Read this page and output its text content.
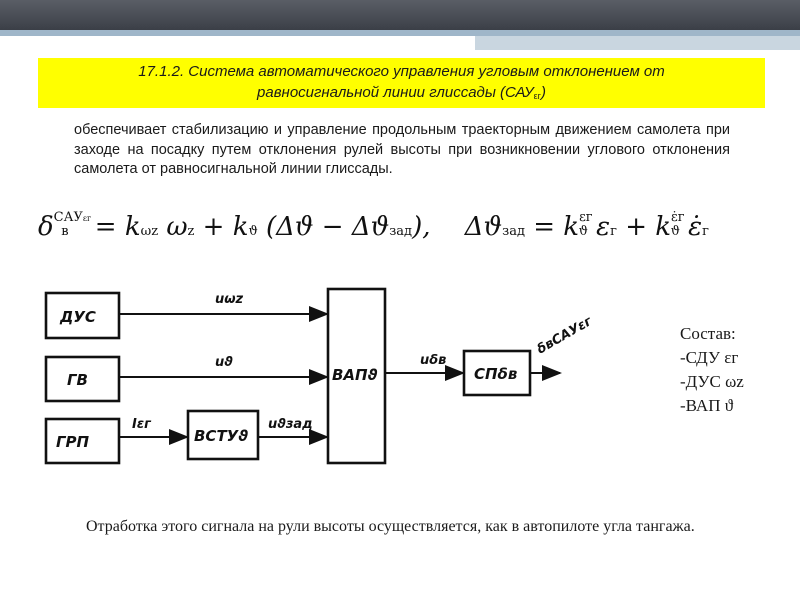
17.1.2. Система автоматического управления угловым отклонением от
равносигнальной линии глиссады $(САУ_{\varepsilon г})$
обеспечивает стабилизацию и управление продольным траекторным движением самолета при заходе на посадку путем отклонения рулей высоты при возникновении углового отклонения самолета от равносигнальной линии глиссады.
$\delta^{САУ\varepsilon г}в = k\omega z$ ωz + kϑ (Δϑ − Δϑзад), $\Delta ϑзад = k^{\varepsilon г}ϑ$ $\varepsilon г + k^{\varepsiloṅг}ϑ$ ε̇г
ДУС
ГВ
ГРП	ВСТУϑ
ВАПϑ	СПδв
uωz
uϑ
Iεг	uϑзад
uδв
δвСАУεг	Состав:
-СДУ εг
-ДУС ωz
-ВАП ϑ
Отработка этого сигнала на рули высоты осуществляется, как в автопилоте угла тангажа.
